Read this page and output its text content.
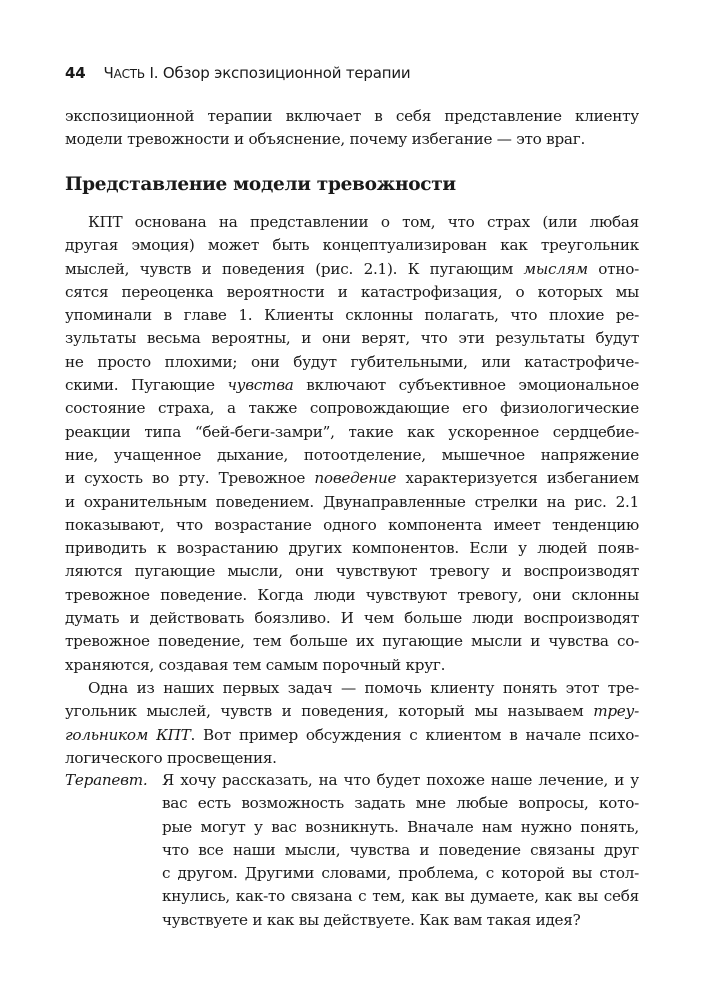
44 ЧАСТЬ I. Обзор экспозиционной терапии
экспозиционной терапии включает в себя представление клиенту
модели тревожности и объяснение, почему избегание — это враг.
Представление модели тревожности
КПТ основана на представлении о том, что страх (или любая
другая эмоция) может быть концептуализирован как треугольник
мыслей, чувств и поведения (рис. 2.1). К пугающим мыслям отно-
сятся переоценка вероятности и катастрофизация, о которых мы
упоминали в главе 1. Клиенты склонны полагать, что плохие ре-
зультаты весьма вероятны, и они верят, что эти результаты будут
не просто плохими; они будут губительными, или катастрофиче-
скими. Пугающие чувства включают субъективное эмоциональное
состояние страха, а также сопровождающие его физиологические
реакции типа “бей-беги-замри”, такие как ускоренное сердцебие-
ние, учащенное дыхание, потоотделение, мышечное напряжение
и сухость во рту. Тревожное поведение характеризуется избеганием
и охранительным поведением. Двунаправленные стрелки на рис. 2.1
показывают, что возрастание одного компонента имеет тенденцию
приводить к возрастанию других компонентов. Если у людей появ-
ляются пугающие мысли, они чувствуют тревогу и воспроизводят
тревожное поведение. Когда люди чувствуют тревогу, они склонны
думать и действовать боязливо. И чем больше люди воспроизводят
тревожное поведение, тем больше их пугающие мысли и чувства со-
храняются, создавая тем самым порочный круг.
Одна из наших первых задач — помочь клиенту понять этот тре-
угольник мыслей, чувств и поведения, который мы называем треу-
гольником КПТ. Вот пример обсуждения с клиентом в начале психо-
логического просвещения.
Терапевт. Я хочу рассказать, на что будет похоже наше лечение, и у
вас есть возможность задать мне любые вопросы, кото-
рые могут у вас возникнуть. Вначале нам нужно понять,
что все наши мысли, чувства и поведение связаны друг
с другом. Другими словами, проблема, с которой вы стол-
кнулись, как-то связана с тем, как вы думаете, как вы себя
чувствуете и как вы действуете. Как вам такая идея?
